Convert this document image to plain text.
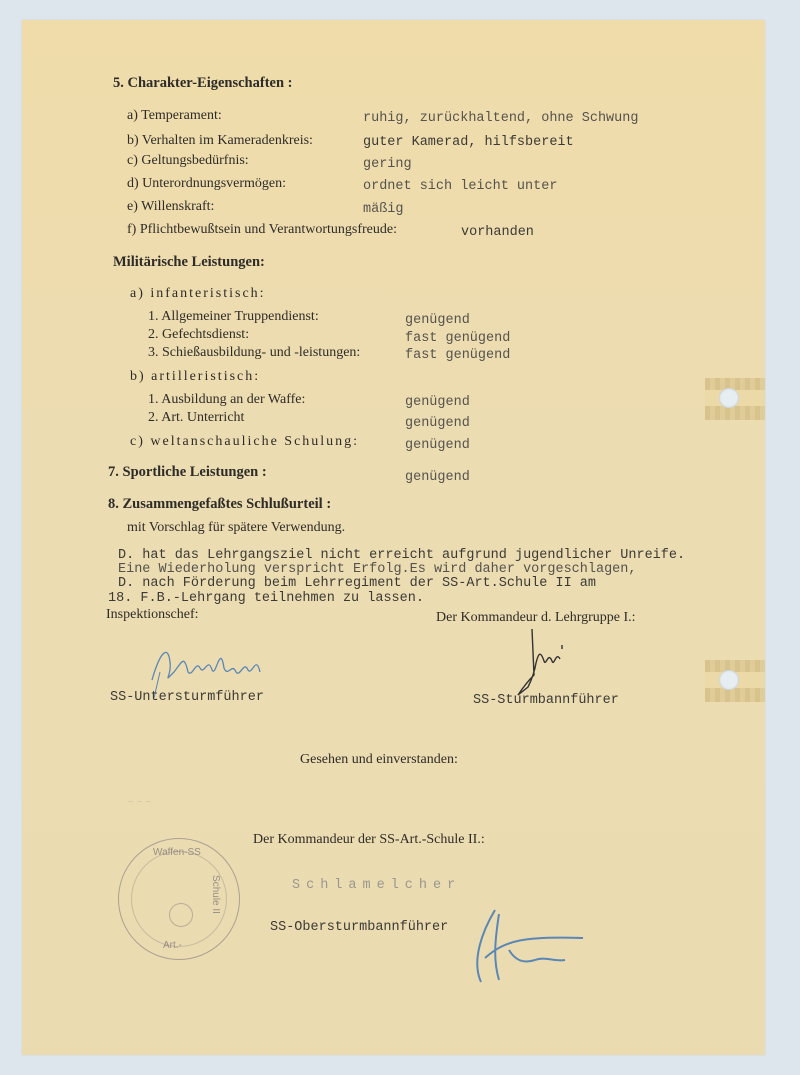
5. Charakter-Eigenschaften :
a) Temperament:	ruhig, zurückhaltend, ohne Schwung
b) Verhalten im Kameradenkreis:	guter Kamerad, hilfsbereit
c) Geltungsbedürfnis:	gering
d) Unterordnungsvermögen:	ordnet sich leicht unter
e) Willenskraft:	mäßig
f) Pflichtbewußtsein und Verantwortungsfreude:	vorhanden
Militärische Leistungen:
a) infanteristisch:
1. Allgemeiner Truppendienst:	genügend
2. Gefechtsdienst:	fast genügend
3. Schießausbildung- und -leistungen:	fast genügend
b) artilleristisch:
1. Ausbildung an der Waffe:	genügend
2. Art. Unterricht	genügend
c) weltanschauliche Schulung:	genügend
7. Sportliche Leistungen :	genügend
8. Zusammengefaßtes Schlußurteil :
mit Vorschlag für spätere Verwendung.
D. hat das Lehrgangsziel nicht erreicht aufgrund jugendlicher Unreife.
Eine Wiederholung verspricht Erfolg.Es wird daher vorgeschlagen,
D. nach Förderung beim Lehrregiment der SS-Art.Schule II am
18. F.B.-Lehrgang teilnehmen zu lassen.
Inspektionschef:	Der Kommandeur d. Lehrgruppe I.:
SS-Untersturmführer	SS-Sturmbannführer
Gesehen und einverstanden:
~ ~ ~
Der Kommandeur der SS-Art.-Schule II.:
Schlamelcher
SS-Obersturmbannführer
Waffen-SS
Schule II
Art.-
